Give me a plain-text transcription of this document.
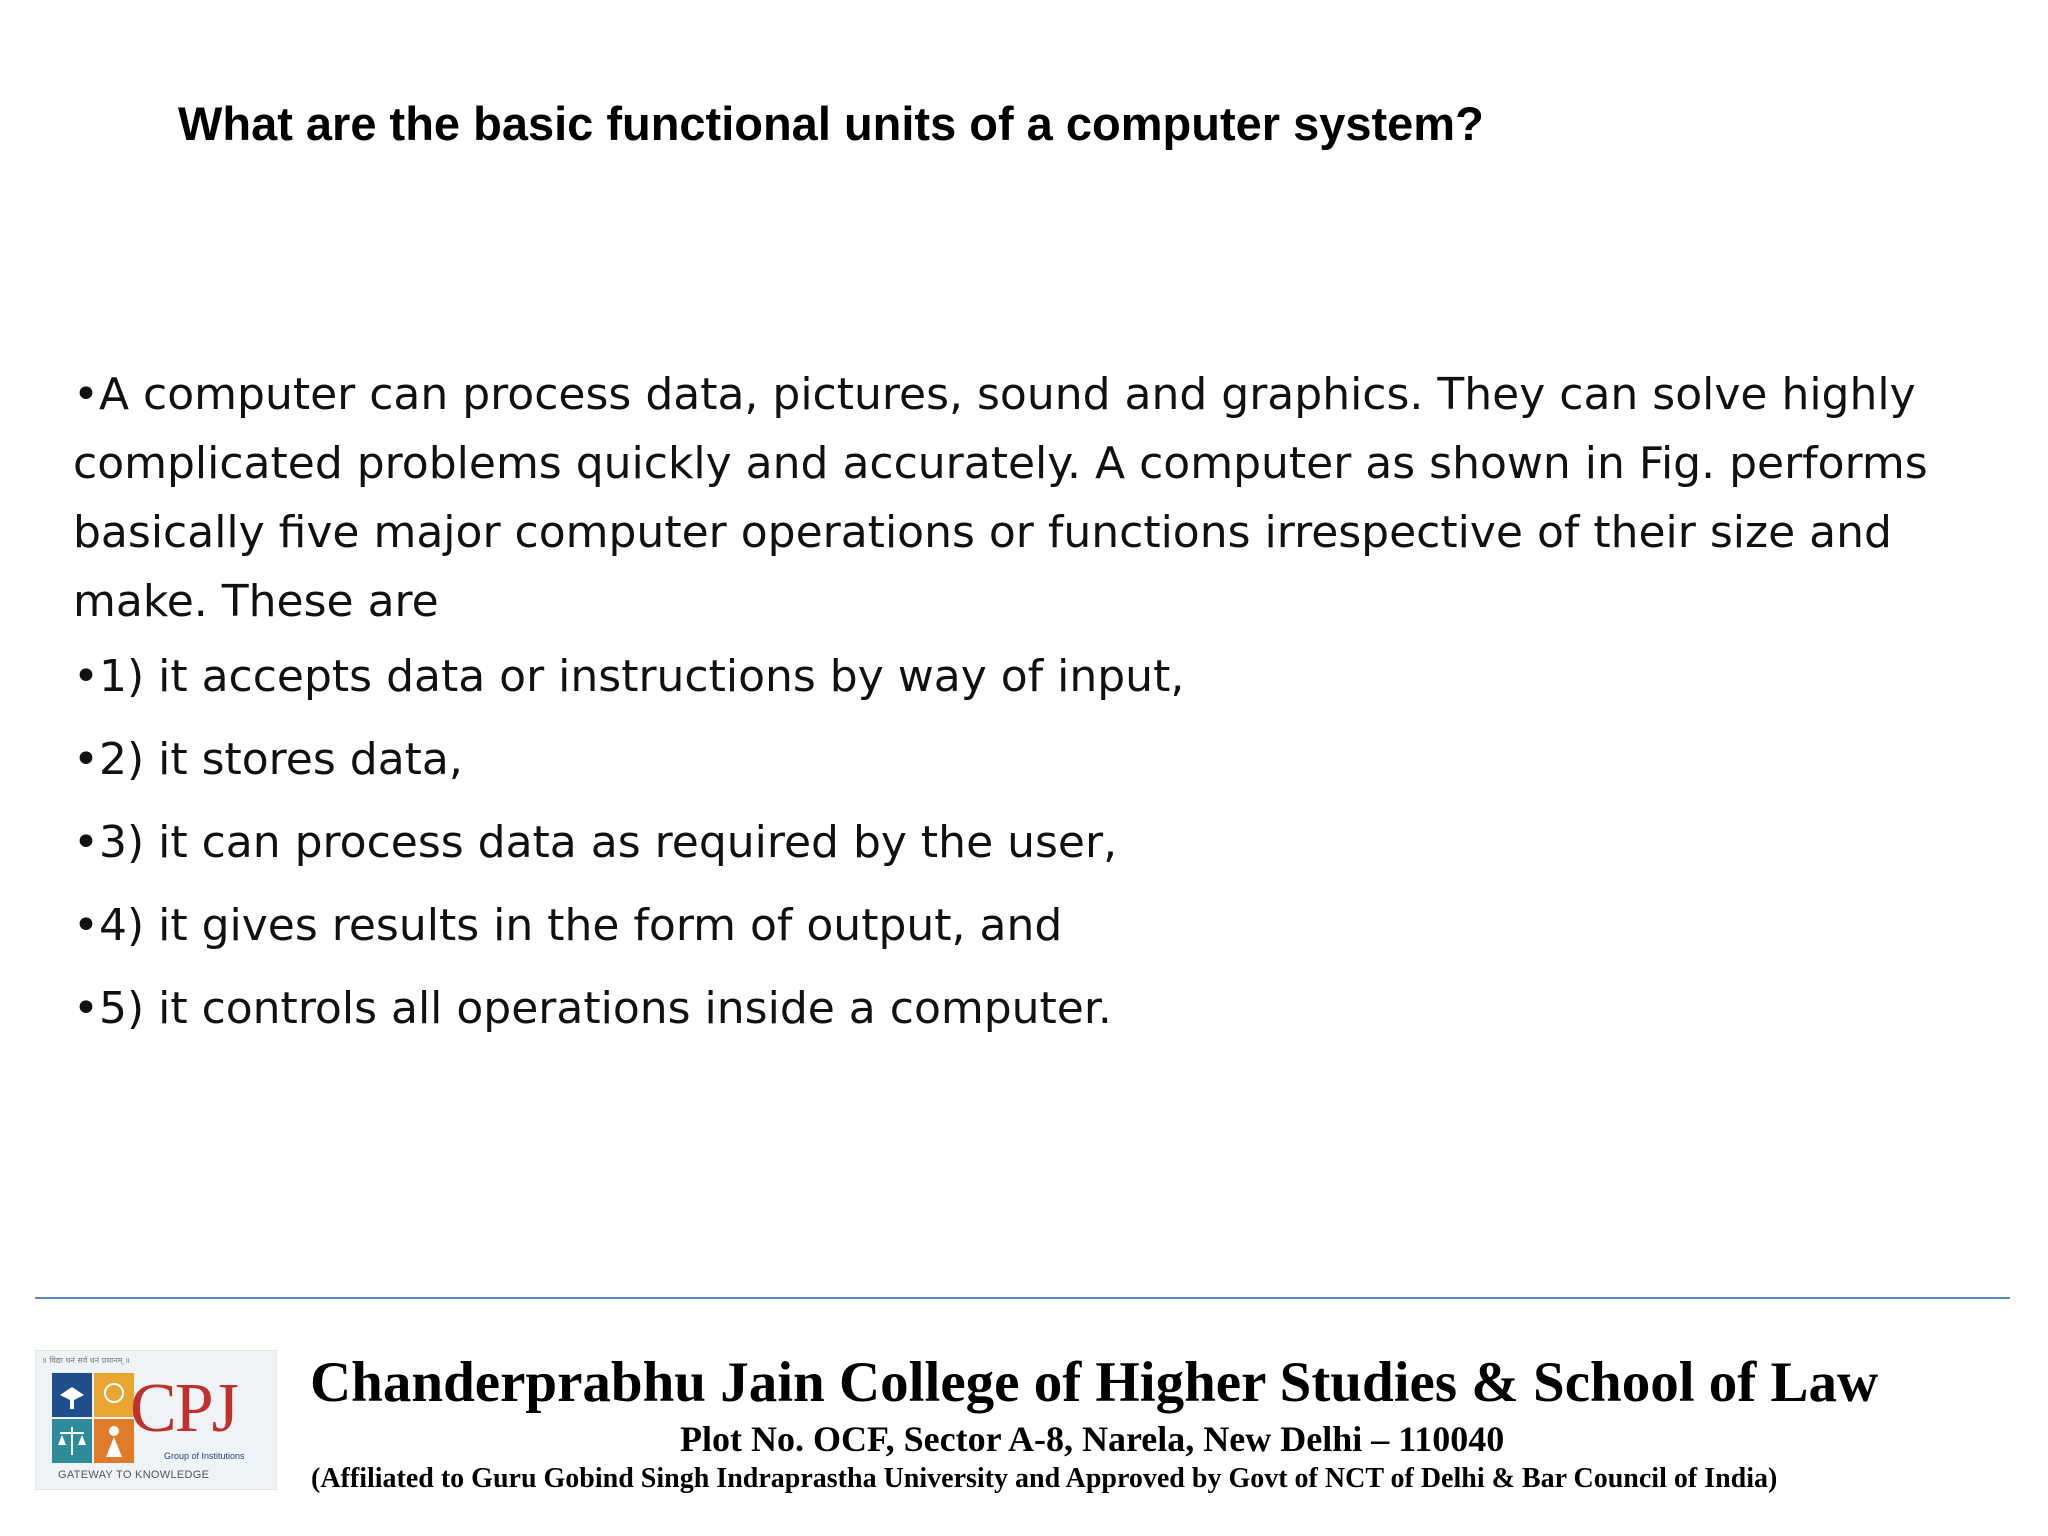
What are the basic functional units of a computer system?

•A computer can process data, pictures, sound and graphics. They can solve highly complicated problems quickly and accurately. A computer as shown in Fig. performs basically five major computer operations or functions irrespective of their size and make. These are

•1) it accepts data or instructions by way of input,

•2) it stores data,

•3) it can process data as required by the user,

•4) it gives results in the form of output, and

•5) it controls all operations inside a computer.

॥ विद्या धनं सर्व धनं प्रधानम् ॥
CPJ
Group of Institutions
GATEWAY TO KNOWLEDGE
Chanderprabhu Jain College of Higher Studies & School of Law
Plot No. OCF, Sector A-8, Narela, New Delhi – 110040
(Affiliated to Guru Gobind Singh Indraprastha University and Approved by Govt of NCT of Delhi & Bar Council of India)
